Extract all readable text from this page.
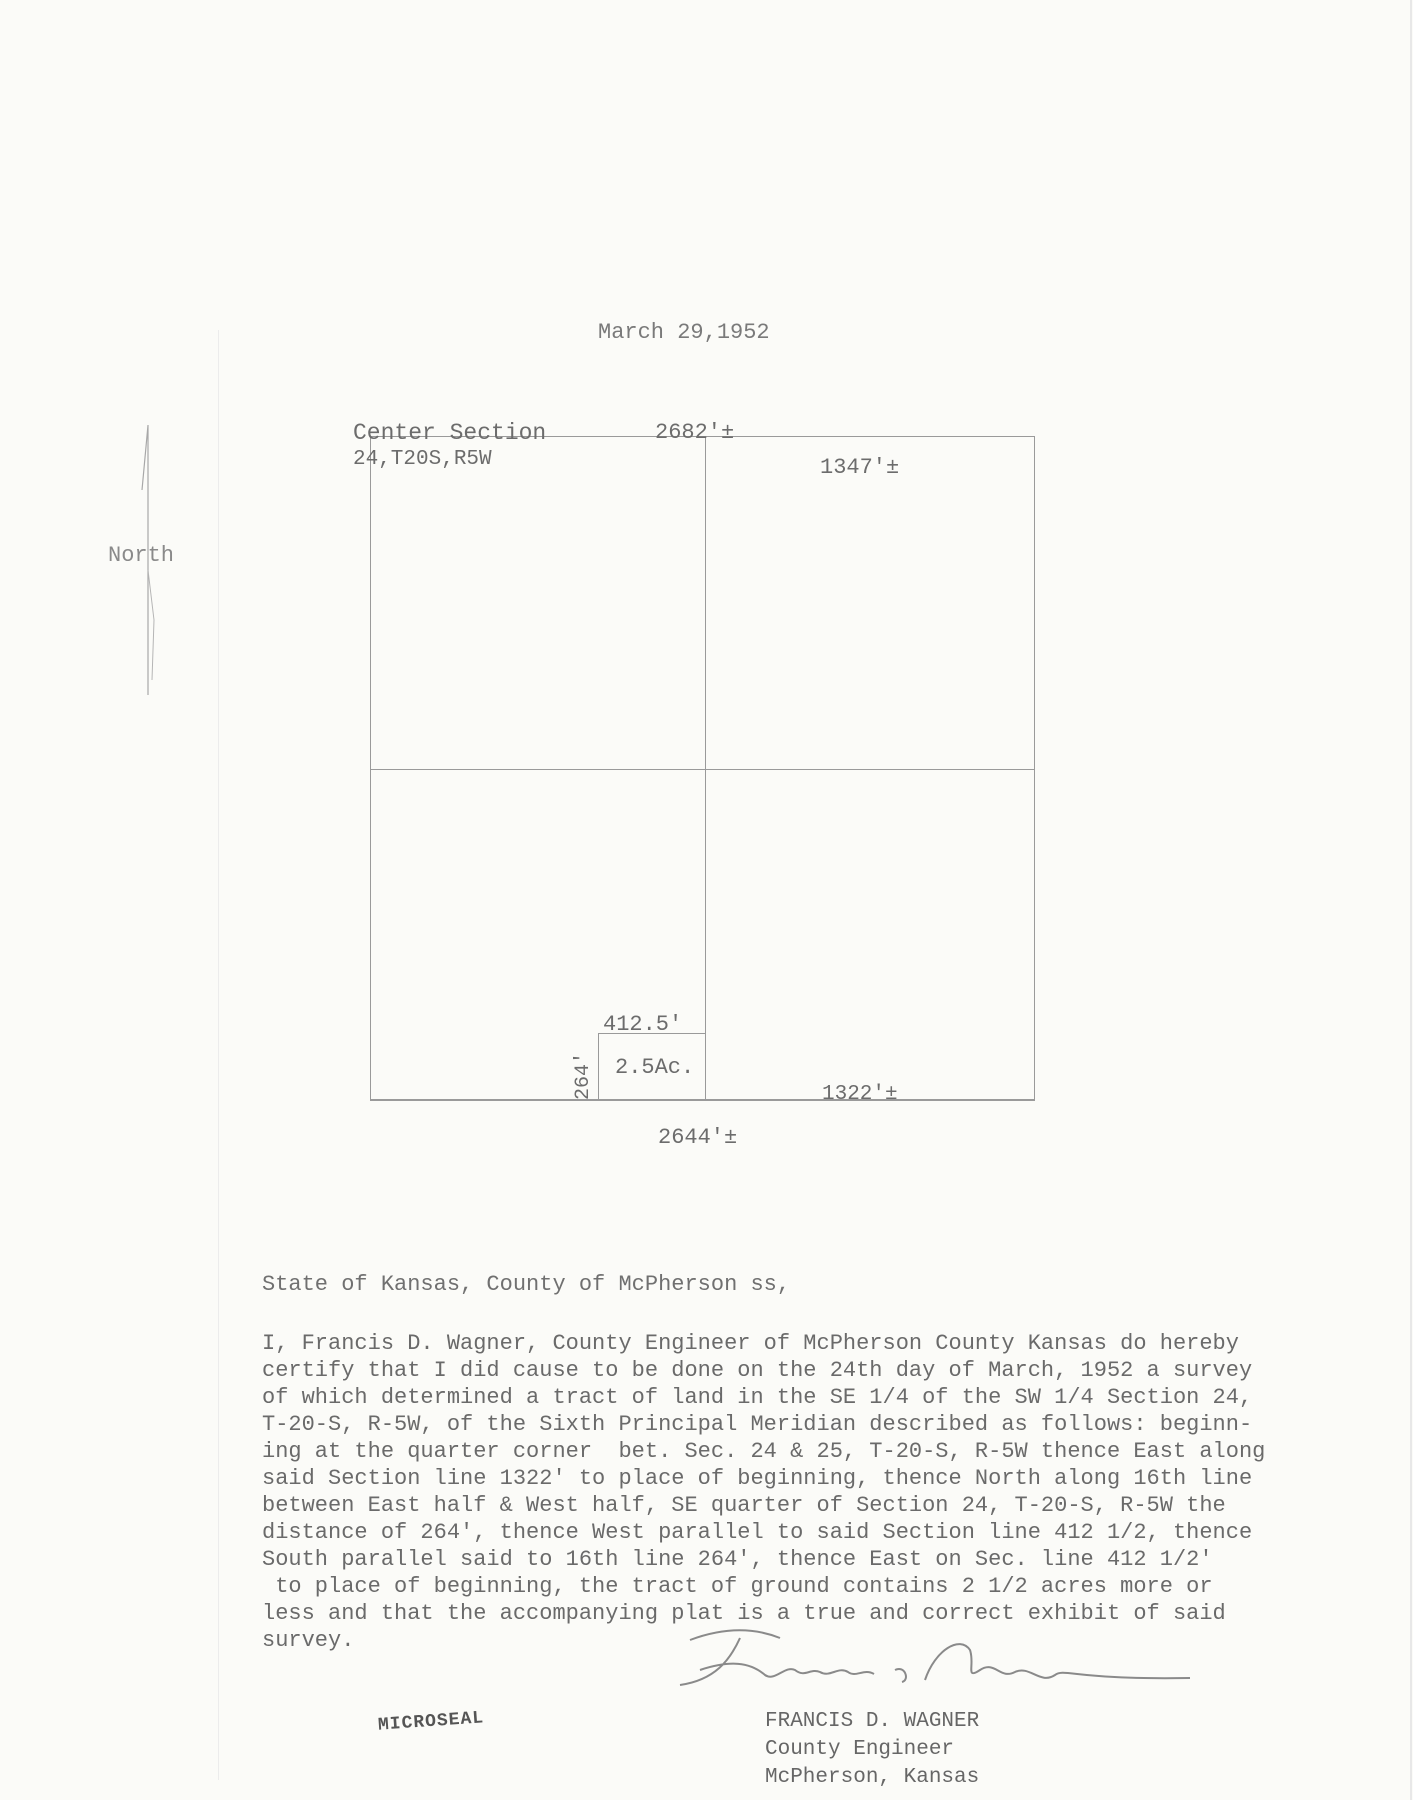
March 29,1952
North
Center Section
24,T20S,R5W
2682'±
1347'±
412.5'
2.5Ac.
264'	1322'±
2644'±
State of Kansas, County of McPherson ss,
I, Francis D. Wagner, County Engineer of McPherson County Kansas do hereby
certify that I did cause to be done on the 24th day of March, 1952 a survey
of which determined a tract of land in the SE 1/4 of the SW 1/4 Section 24,
T-20-S, R-5W, of the Sixth Principal Meridian described as follows: beginn-
ing at the quarter corner  bet. Sec. 24 & 25, T-20-S, R-5W thence East along
said Section line 1322' to place of beginning, thence North along 16th line
between East half & West half, SE quarter of Section 24, T-20-S, R-5W the
distance of 264', thence West parallel to said Section line 412 1/2, thence
South parallel said to 16th line 264', thence East on Sec. line 412 1/2'
to place of beginning, the tract of ground contains 2 1/2 acres more or
less and that the accompanying plat is a true and correct exhibit of said
survey.
FRANCIS D. WAGNER
County Engineer
McPherson, Kansas
MICROSEAL
